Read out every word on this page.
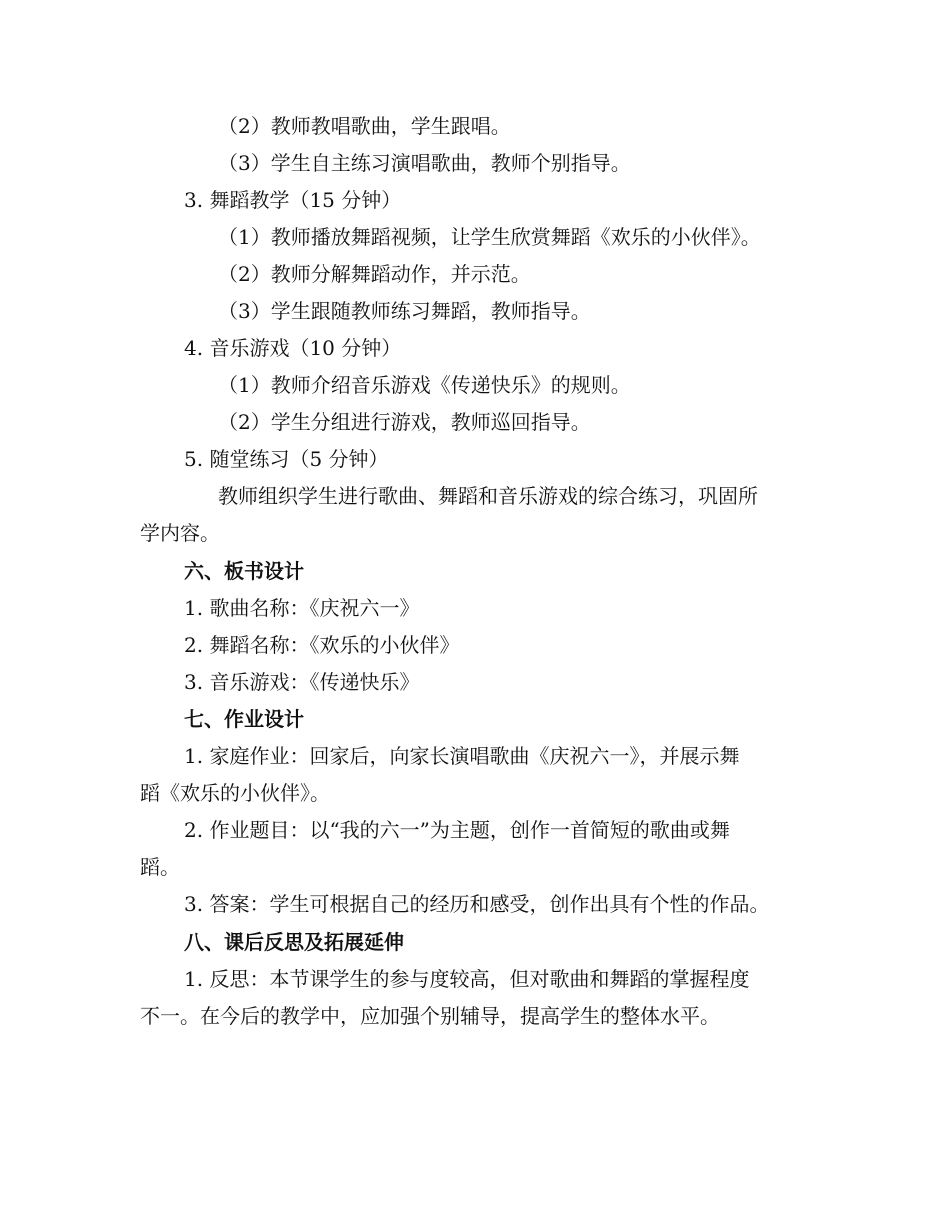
（2）教师教唱歌曲，学生跟唱。
（3）学生自主练习演唱歌曲，教师个别指导。
3. 舞蹈教学（15 分钟）
（1）教师播放舞蹈视频，让学生欣赏舞蹈《欢乐的小伙伴》。
（2）教师分解舞蹈动作，并示范。
（3）学生跟随教师练习舞蹈，教师指导。
4. 音乐游戏（10 分钟）
（1）教师介绍音乐游戏《传递快乐》的规则。
（2）学生分组进行游戏，教师巡回指导。
5. 随堂练习（5 分钟）
教师组织学生进行歌曲、舞蹈和音乐游戏的综合练习，巩固所
学内容。
六、板书设计
1. 歌曲名称：《庆祝六一》
2. 舞蹈名称：《欢乐的小伙伴》
3. 音乐游戏：《传递快乐》
七、作业设计
1. 家庭作业：回家后，向家长演唱歌曲《庆祝六一》，并展示舞
蹈《欢乐的小伙伴》。
2. 作业题目：以“我的六一”为主题，创作一首简短的歌曲或舞
蹈。
3. 答案：学生可根据自己的经历和感受，创作出具有个性的作品。
八、课后反思及拓展延伸
1. 反思：本节课学生的参与度较高，但对歌曲和舞蹈的掌握程度
不一。在今后的教学中，应加强个别辅导，提高学生的整体水平。
